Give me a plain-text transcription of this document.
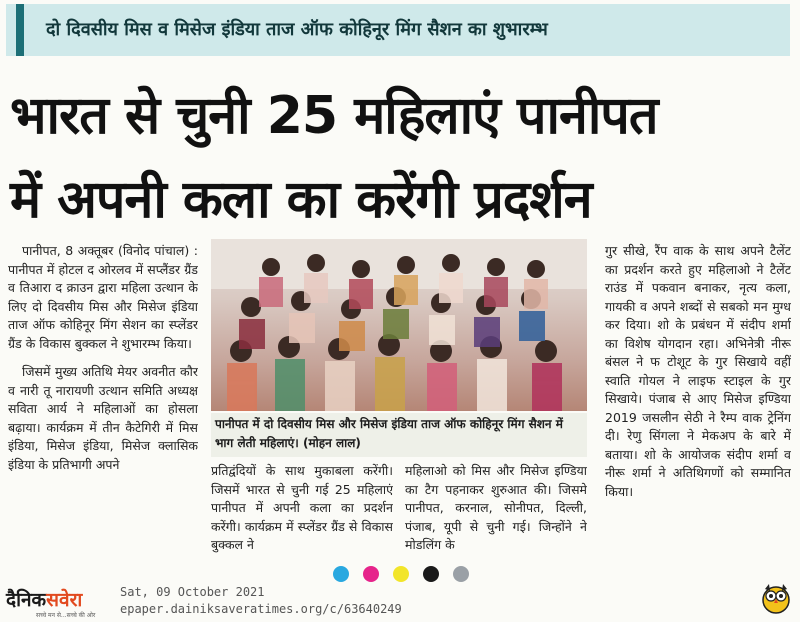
दो दिवसीय मिस व मिसेज इंडिया ताज ऑफ कोहिनूर मिंग सैशन का शुभारम्भ
भारत से चुनी 25 महिलाएं पानीपत
में अपनी कला का करेंगी प्रदर्शन

पानीपत, 8 अक्तूबर (विनोद पांचाल) : पानीपत में होटल द ओरलव में सप्लैंडर ग्रैंड व तिआरा द क्राउन द्वारा महिला उत्थान के लिए दो दिवसीय मिस और मिसेज इंडिया ताज ऑफ कोहिनूर मिंग सेशन का स्प्लेंडर ग्रैंड के विकास बुक्कल ने शुभारम्भ किया।

जिसमें मुख्य अतिथि मेयर अवनीत कौर व नारी तू नारायणी उत्थान समिति अध्यक्ष सविता आर्य ने महिलाओं का होसला बढ़ाया। कार्यक्रम में तीन कैटेगिरी में मिस इंडिया, मिसेज इंडिया, मिसेज क्लासिक इंडिया के प्रतिभागी अपने

पानीपत में दो दिवसीय मिस और मिसेज इंडिया ताज ऑफ कोहिनूर मिंग सैशन में भाग लेती महिलाएं। (मोहन लाल)

प्रतिद्वंदियों के साथ मुकाबला करेंगी। जिसमें भारत से चुनी गई 25 महिलाएं पानीपत में अपनी कला का प्रदर्शन करेंगी। कार्यक्रम में स्प्लेंडर ग्रैंड से विकास बुक्कल ने

महिलाओ को मिस और मिसेज इण्डिया का टैग पहनाकर शुरुआत की। जिसमे पानीपत, करनाल, सोनीपत, दिल्ली, पंजाब, यूपी से चुनी गई। जिन्होंने ने मोडलिंग के

गुर सीखे, रैंप वाक के साथ अपने टैलेंट का प्रदर्शन करते हुए महिलाओ ने टैलेंट राउंड में पकवान बनाकर, नृत्य कला, गायकी व अपने शब्दों से सबको मन मुग्ध कर दिया। शो के प्रबंधन में संदीप शर्मा का विशेष योगदान रहा। अभिनेत्री नीरू बंसल ने फ टोशूट के गुर सिखाये वहीं स्वाति गोयल ने लाइफ स्टाइल के गुर सिखाये। पंजाब से आए मिसेज इण्डिया 2019 जसलीन सेठी ने रैम्प वाक ट्रेनिंग दी। रेणु सिंगला ने मेकअप के बारे में बताया। शो के आयोजक संदीप शर्मा व नीरू शर्मा ने अतिथिगणों को सम्मानित किया।

दैनिकसवेरा
सच्चे मन से...सच्चे की ओर
Sat, 09 October 2021
epaper.dainiksaveratimes.org/c/63640249
